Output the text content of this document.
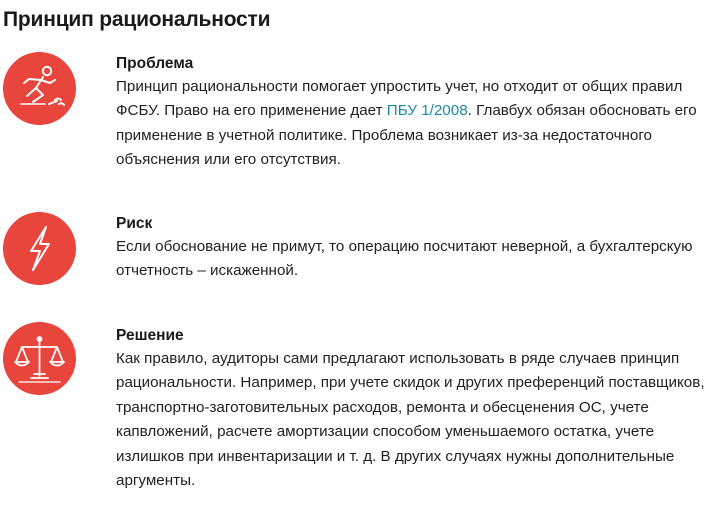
Принцип рациональности

Проблема

Принцип рациональности помогает упростить учет, но отходит от общих правил ФСБУ. Право на его применение дает ПБУ 1/2008. Главбух обязан обосновать его применение в учетной политике. Проблема возникает из-за недостаточного объяснения или его отсутствия.

Риск

Если обоснование не примут, то операцию посчитают неверной, а бухгалтерскую отчетность – искаженной.

Решение

Как правило, аудиторы сами предлагают использовать в ряде случаев принцип рациональности. Например, при учете скидок и других преференций поставщиков, транспортно-заготовительных расходов, ремонта и обесценения ОС, учете капвложений, расчете амортизации способом уменьшаемого остатка, учете излишков при инвентаризации и т. д. В других случаях нужны дополнительные аргументы.
